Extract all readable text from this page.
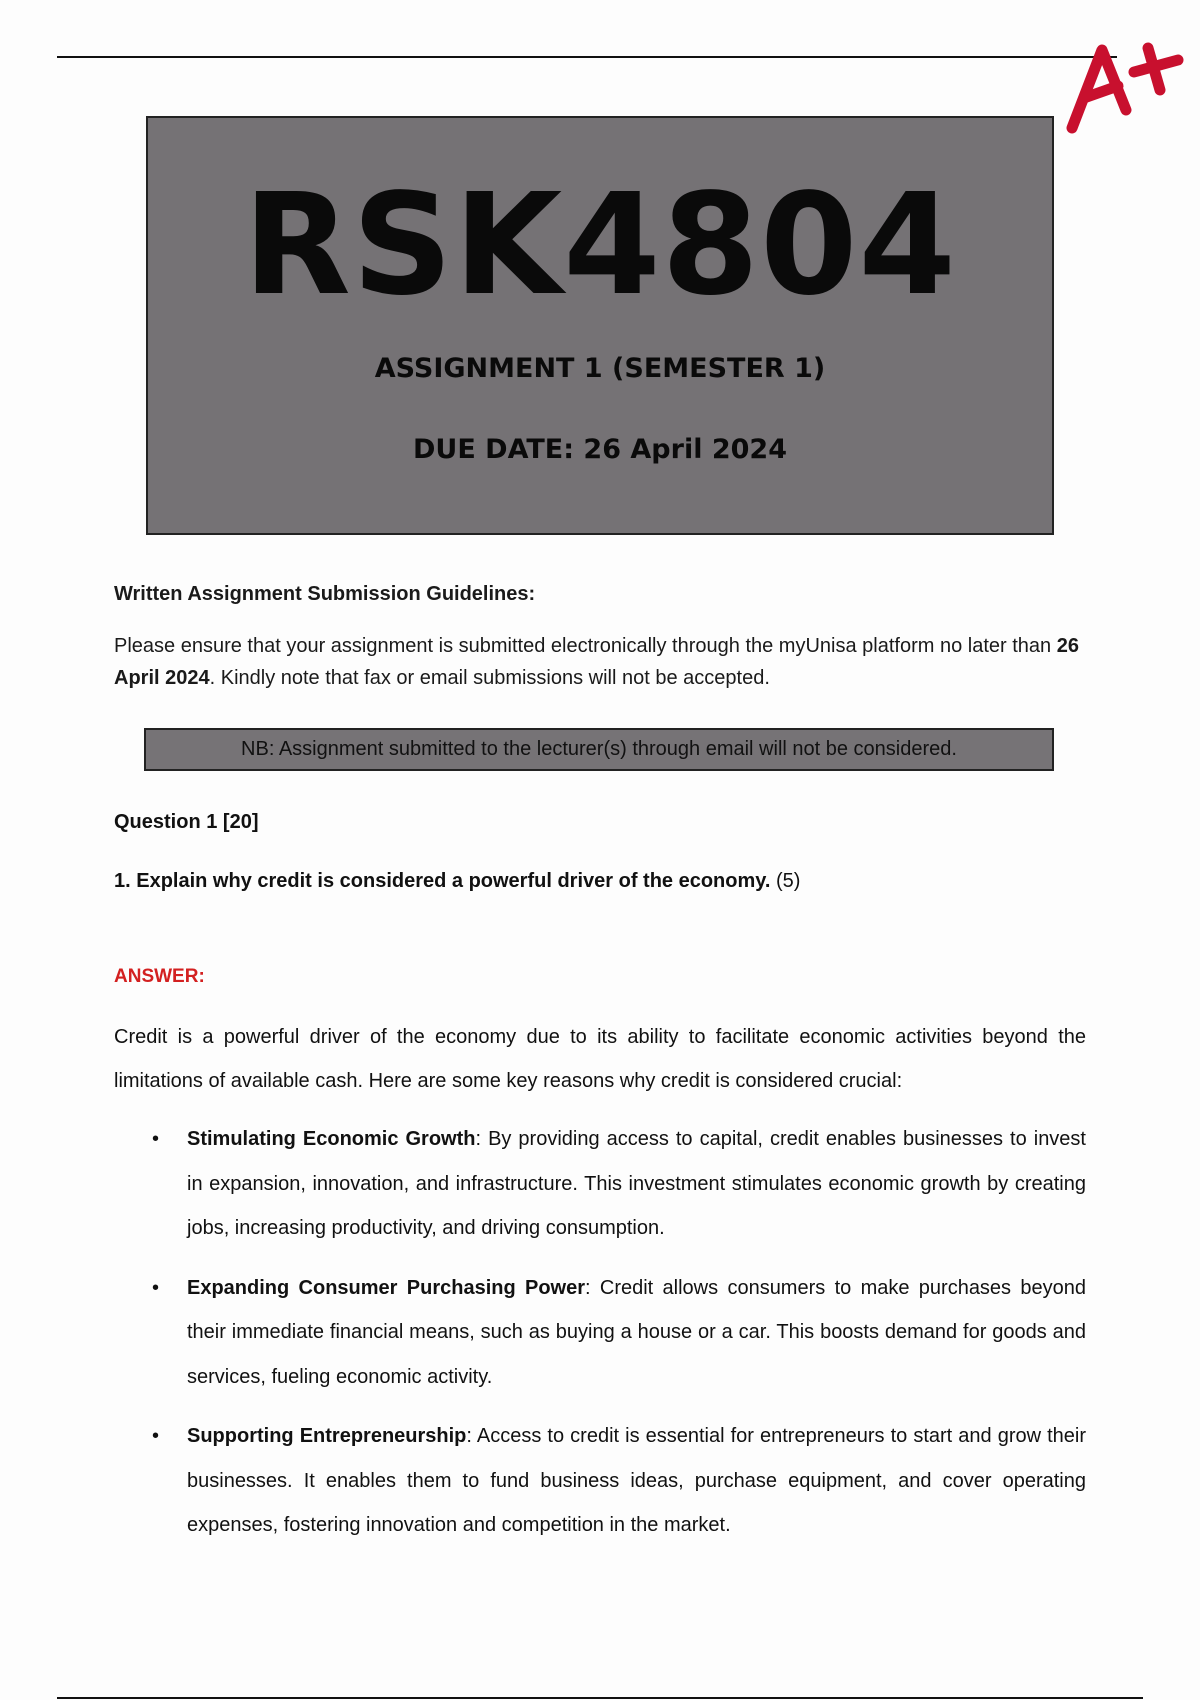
RSK4804
ASSIGNMENT 1 (SEMESTER 1)
DUE DATE: 26 April 2024

Written Assignment Submission Guidelines:

Please ensure that your assignment is submitted electronically through the myUnisa platform no later than 26 April 2024. Kindly note that fax or email submissions will not be accepted.

NB: Assignment submitted to the lecturer(s) through email will not be considered.

Question 1 [20]

1. Explain why credit is considered a powerful driver of the economy. (5)

ANSWER:

Credit is a powerful driver of the economy due to its ability to facilitate economic activities beyond the limitations of available cash. Here are some key reasons why credit is considered crucial:

• Stimulating Economic Growth: By providing access to capital, credit enables businesses to invest in expansion, innovation, and infrastructure. This investment stimulates economic growth by creating jobs, increasing productivity, and driving consumption.
• Expanding Consumer Purchasing Power: Credit allows consumers to make purchases beyond their immediate financial means, such as buying a house or a car. This boosts demand for goods and services, fueling economic activity.
• Supporting Entrepreneurship: Access to credit is essential for entrepreneurs to start and grow their businesses. It enables them to fund business ideas, purchase equipment, and cover operating expenses, fostering innovation and competition in the market.
